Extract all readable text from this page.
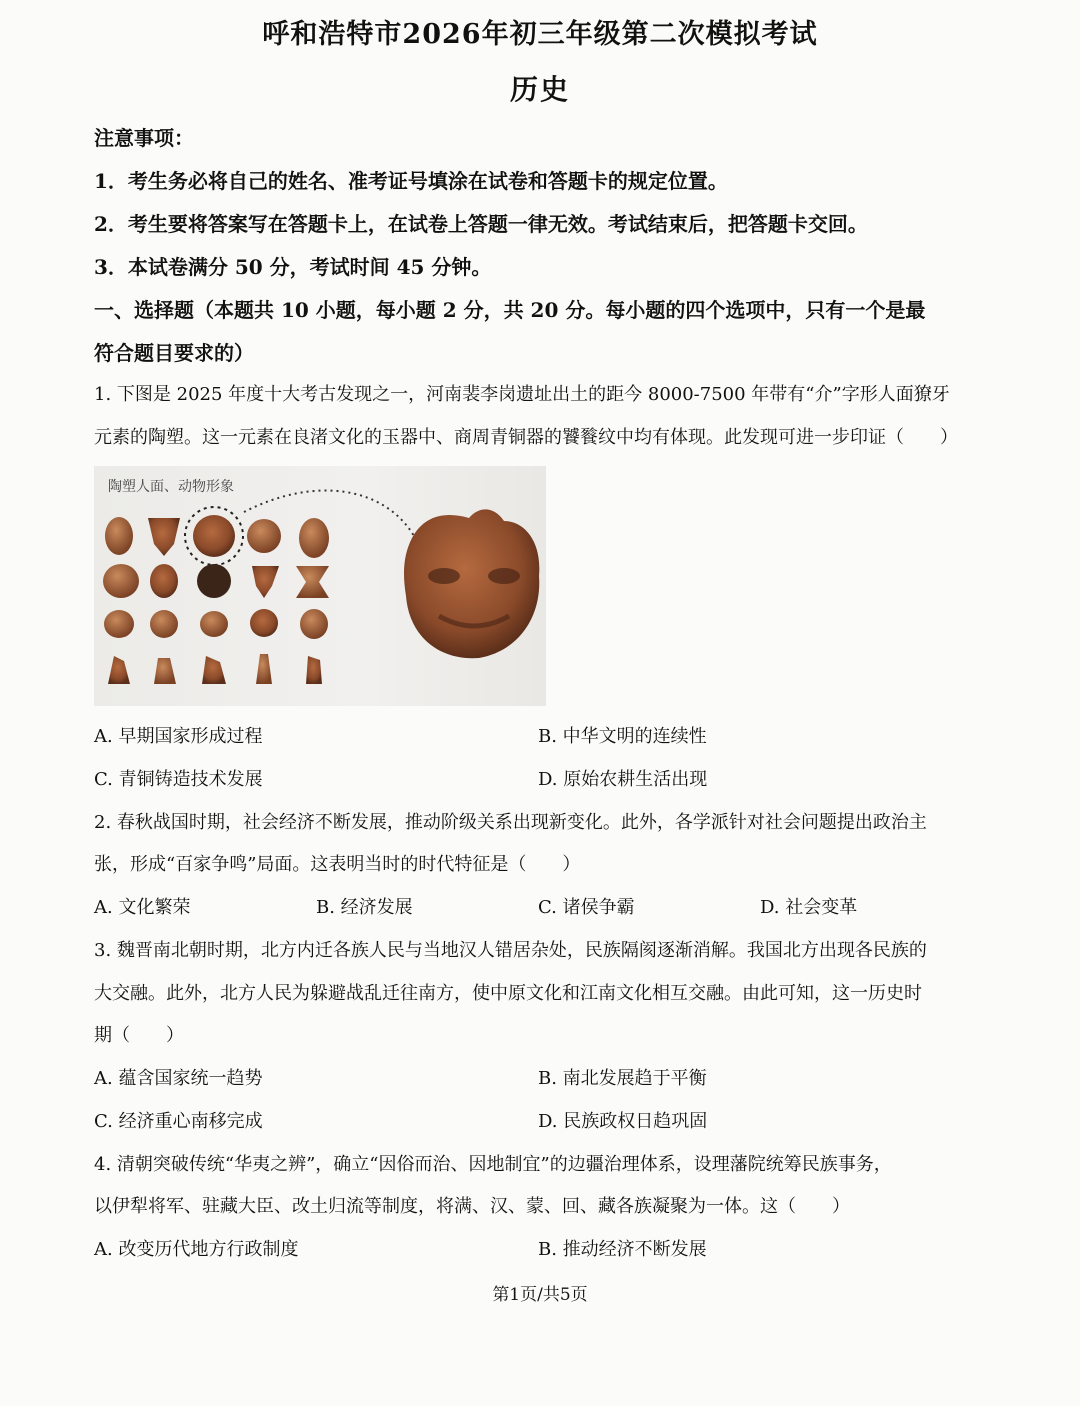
呼和浩特市2026年初三年级第二次模拟考试
历史
注意事项：
1．考生务必将自己的姓名、准考证号填涂在试卷和答题卡的规定位置。
2．考生要将答案写在答题卡上，在试卷上答题一律无效。考试结束后，把答题卡交回。
3．本试卷满分 50 分，考试时间 45 分钟。
一、选择题（本题共 10 小题，每小题 2 分，共 20 分。每小题的四个选项中，只有一个是最
符合题目要求的）
1. 下图是 2025 年度十大考古发现之一，河南裴李岗遗址出土的距今 8000-7500 年带有“介”字形人面獠牙
元素的陶塑。这一元素在良渚文化的玉器中、商周青铜器的饕餮纹中均有体现。此发现可进一步印证（　　）
陶塑人面、动物形象
A. 早期国家形成过程	B. 中华文明的连续性
C. 青铜铸造技术发展	D. 原始农耕生活出现
2. 春秋战国时期，社会经济不断发展，推动阶级关系出现新变化。此外，各学派针对社会问题提出政治主
张，形成“百家争鸣”局面。这表明当时的时代特征是（　　）
A. 文化繁荣	B. 经济发展	C. 诸侯争霸	D. 社会变革
3. 魏晋南北朝时期，北方内迁各族人民与当地汉人错居杂处，民族隔阂逐渐消解。我国北方出现各民族的
大交融。此外，北方人民为躲避战乱迁往南方，使中原文化和江南文化相互交融。由此可知，这一历史时
期（　　）
A. 蕴含国家统一趋势	B. 南北发展趋于平衡
C. 经济重心南移完成	D. 民族政权日趋巩固
4. 清朝突破传统“华夷之辨”，确立“因俗而治、因地制宜”的边疆治理体系，设理藩院统筹民族事务，
以伊犁将军、驻藏大臣、改土归流等制度，将满、汉、蒙、回、藏各族凝聚为一体。这（　　）
A. 改变历代地方行政制度	B. 推动经济不断发展
第1页/共5页
